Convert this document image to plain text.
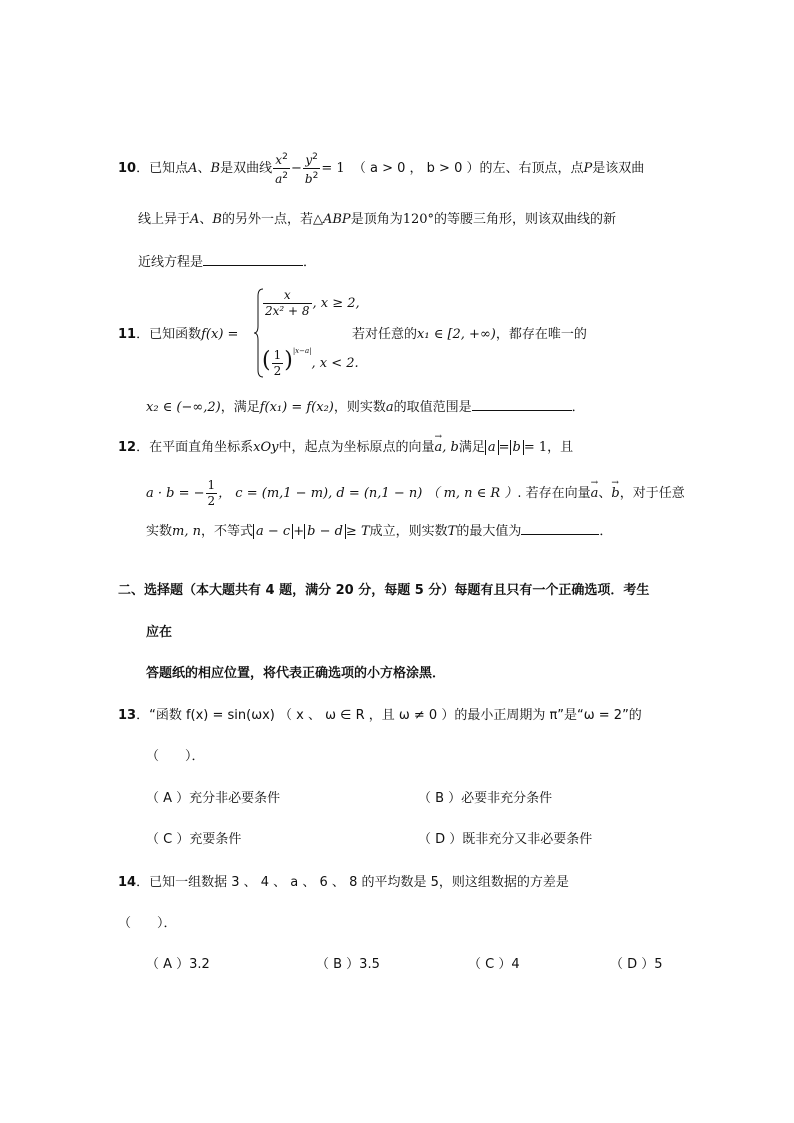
10．已知点A、B是双曲线 $\frac{x^2}{a^2} - \frac{y^2}{b^2} = 1$ （ a > 0 ， b > 0 ）的左、右顶点，点P是该双曲
线上异于A、B的另外一点，若△ABP是顶角为120°的等腰三角形，则该双曲线的新
近线方程是	．
$\frac{x}{\text{2x² + 8}}$ , x ≥ 2,
( $\frac{1}{2} )^{|x-a|}$, x < 2.
11．已知函数f(x) =	若对任意的x₁ ∈ [2, +∞)，都存在唯一的
x₂ ∈ (−∞,2)，满足f(x₁) = f(x₂)，则实数a的取值范围是	．
12．在平面直角坐标系xOy中，起点为坐标原点的向量→ a, b满足 a = b = 1，且
a · b = − $\frac{1}{2}$ ， c = (m,1 − m), d = (n,1 − n) （ m, n ∈ R ）. 若存在向量→ a、→ b，对于任意
实数m, n，不等式 a − c + b − d ≥ T成立，则实数T的最大值为	．
二、选择题（本大题共有 4 题，满分 20 分，每题 5 分）每题有且只有一个正确选项．考生
应在
答题纸的相应位置，将代表正确选项的小方格涂黑．
13．“函数 f(x) = sin(ωx) （ x 、 ω ∈ R ，且 ω ≠ 0 ）的最小正周期为 π”是“ω = 2”的
（　　）．
（ A ）充分非必要条件	（ B ）必要非充分条件
（ C ）充要条件	（ D ）既非充分又非必要条件
14．已知一组数据 3 、 4 、 a 、 6 、 8 的平均数是 5，则这组数据的方差是
（　　）．
（ A ）3.2	（ B ）3.5	（ C ）4	（ D ）5
